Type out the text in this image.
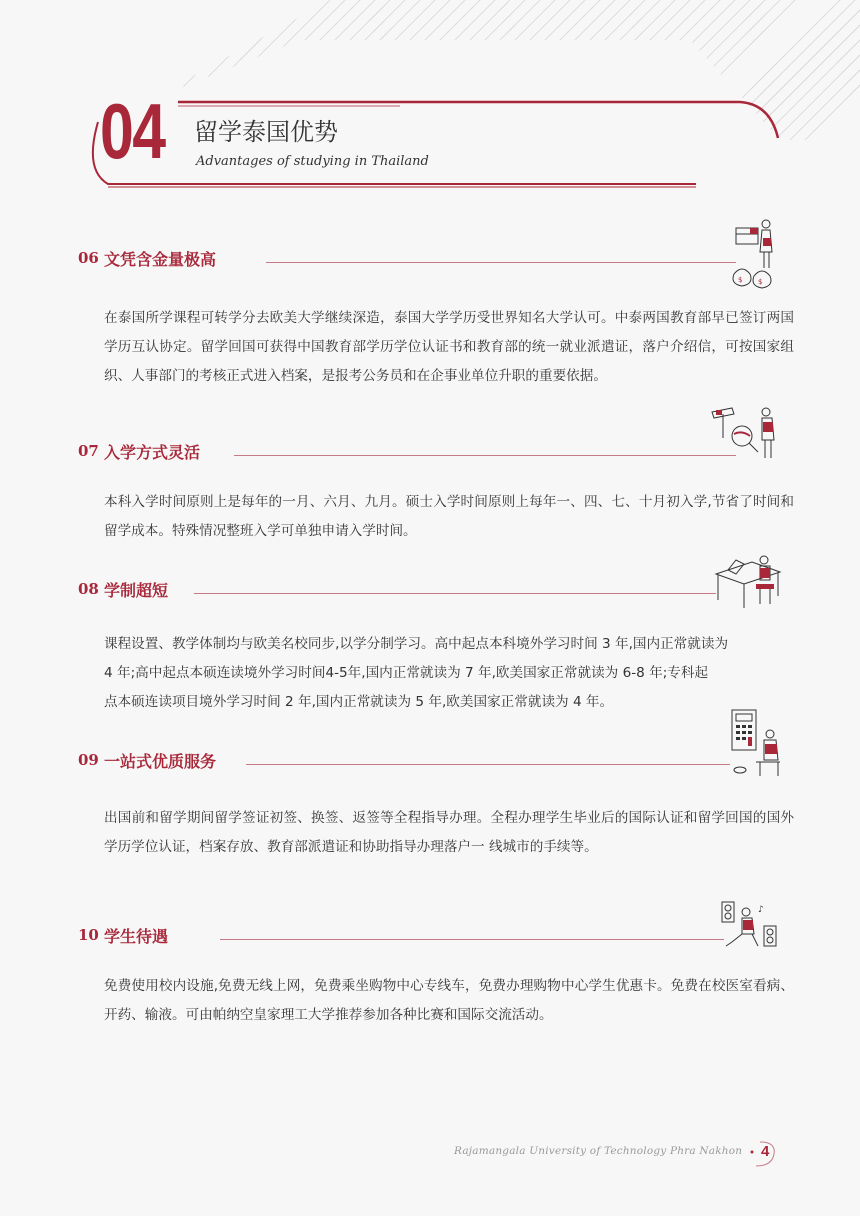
04 留学泰国优势
Advantages of studying in Thailand
06 文凭含金量极高
$ $

在泰国所学课程可转学分去欧美大学继续深造，泰国大学学历受世界知名大学认可。中泰两国教育部早已签订两国学历互认协定。留学回国可获得中国教育部学历学位认证书和教育部的统一就业派遣证，落户介绍信，可按国家组织、人事部门的考核正式进入档案，是报考公务员和在企事业单位升职的重要依据。

07 入学方式灵活

本科入学时间原则上是每年的一月、六月、九月。硕士入学时间原则上每年一、四、七、十月初入学,节省了时间和留学成本。特殊情况整班入学可单独申请入学时间。

08 学制超短

课程设置、教学体制均与欧美名校同步,以学分制学习。高中起点本科境外学习时间 3 年,国内正常就读为

4 年;高中起点本硕连读境外学习时间4-5年,国内正常就读为 7 年,欧美国家正常就读为 6-8 年;专科起

点本硕连读项目境外学习时间 2 年,国内正常就读为 5 年,欧美国家正常就读为 4 年。

09 一站式优质服务

出国前和留学期间留学签证初签、换签、返签等全程指导办理。全程办理学生毕业后的国际认证和留学回国的国外学历学位认证，档案存放、教育部派遣证和协助指导办理落户一 线城市的手续等。

10 学生待遇
♪

免费使用校内设施,免费无线上网，免费乘坐购物中心专线车，免费办理购物中心学生优惠卡。免费在校医室看病、开药、输液。可由帕纳空皇家理工大学推荐参加各种比赛和国际交流活动。

Rajamangala University of Technology Phra Nakhon 4
